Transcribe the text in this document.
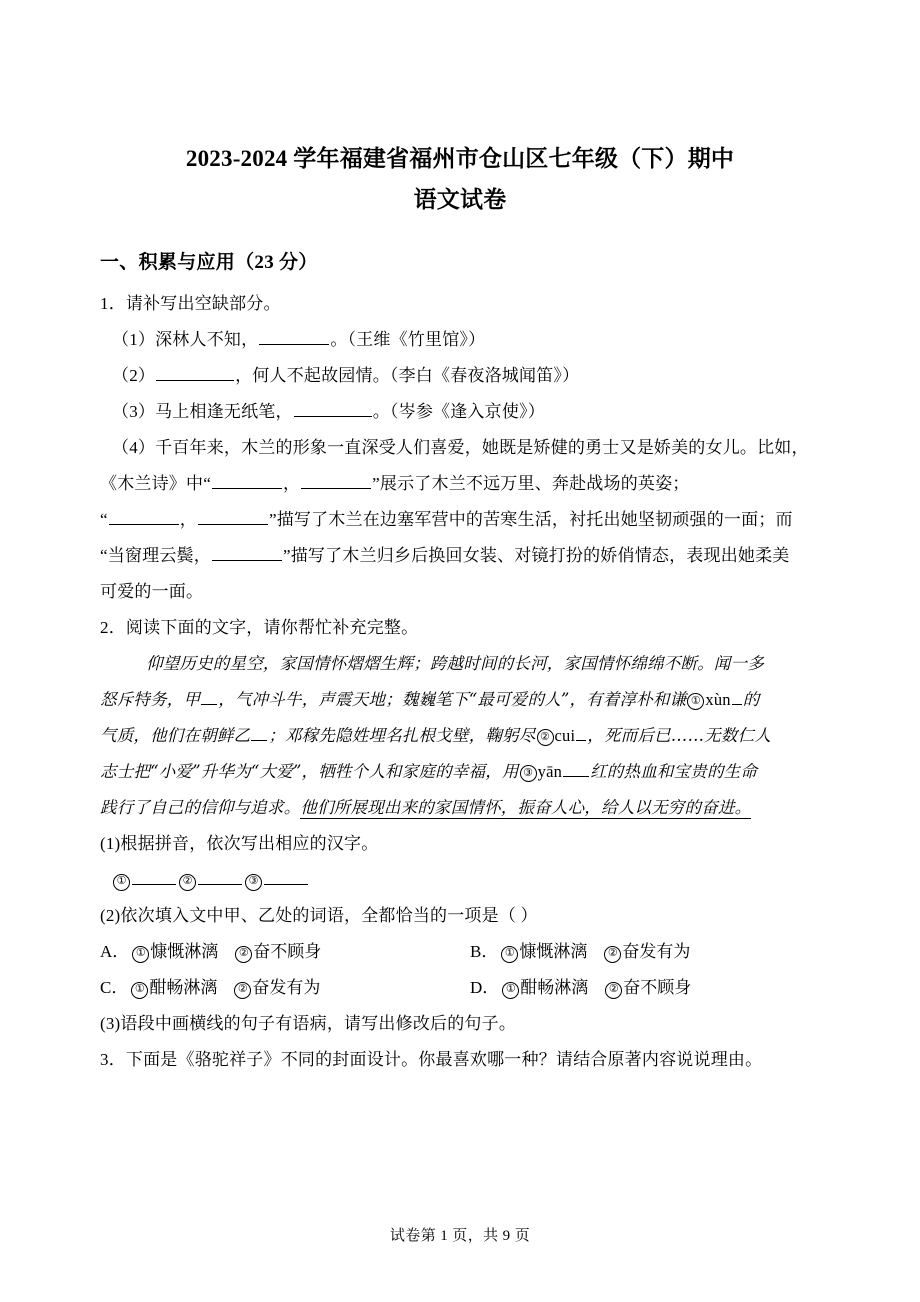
2023-2024 学年福建省福州市仓山区七年级（下）期中
语文试卷
一、积累与应用（23 分）
1．请补写出空缺部分。
（1）深林人不知，	。（王维《竹里馆》）
（2）	，何人不起故园情。（李白《春夜洛城闻笛》）
（3）马上相逢无纸笔，	。（岑参《逢入京使》）
（4）千百年来，木兰的形象一直深受人们喜爱，她既是矫健的勇士又是娇美的女儿。比如，
《木兰诗》中“	，	”展示了木兰不远万里、奔赴战场的英姿；
“	，	”描写了木兰在边塞军营中的苦寒生活，衬托出她坚韧顽强的一面；而
“当窗理云鬓，	”描写了木兰归乡后换回女装、对镜打扮的娇俏情态，表现出她柔美
可爱的一面。
2．阅读下面的文字，请你帮忙补充完整。
仰望历史的星空，家国情怀熠熠生辉；跨越时间的长河，家国情怀绵绵不断。闻一多
怒斥特务，甲 ，气冲斗牛，声震天地；魏巍笔下“最可爱的人”，有着淳朴和谦 ① xùn 的
气质，他们在朝鲜乙 ；邓稼先隐姓埋名扎根戈壁，鞠躬尽 ② cui ，死而后已……无数仁人
志士把“小爱”升华为“大爱”，牺牲个人和家庭的幸福，用 ③ yān 红的热血和宝贵的生命
践行了自己的信仰与追求。他们所展现出来的家国情怀，振奋人心，给人以无穷的奋进。
(1)根据拼音，依次写出相应的汉字。
①	②	③
(2)依次填入文中甲、乙处的词语，全都恰当的一项是（ ）
A． ① 慷慨淋漓 ② 奋不顾身	B． ① 慷慨淋漓 ② 奋发有为
C． ① 酣畅淋漓 ② 奋发有为	D． ① 酣畅淋漓 ② 奋不顾身
(3)语段中画横线的句子有语病，请写出修改后的句子。
3．下面是《骆驼祥子》不同的封面设计。你最喜欢哪一种？请结合原著内容说说理由。
试卷第 1 页，共 9 页
